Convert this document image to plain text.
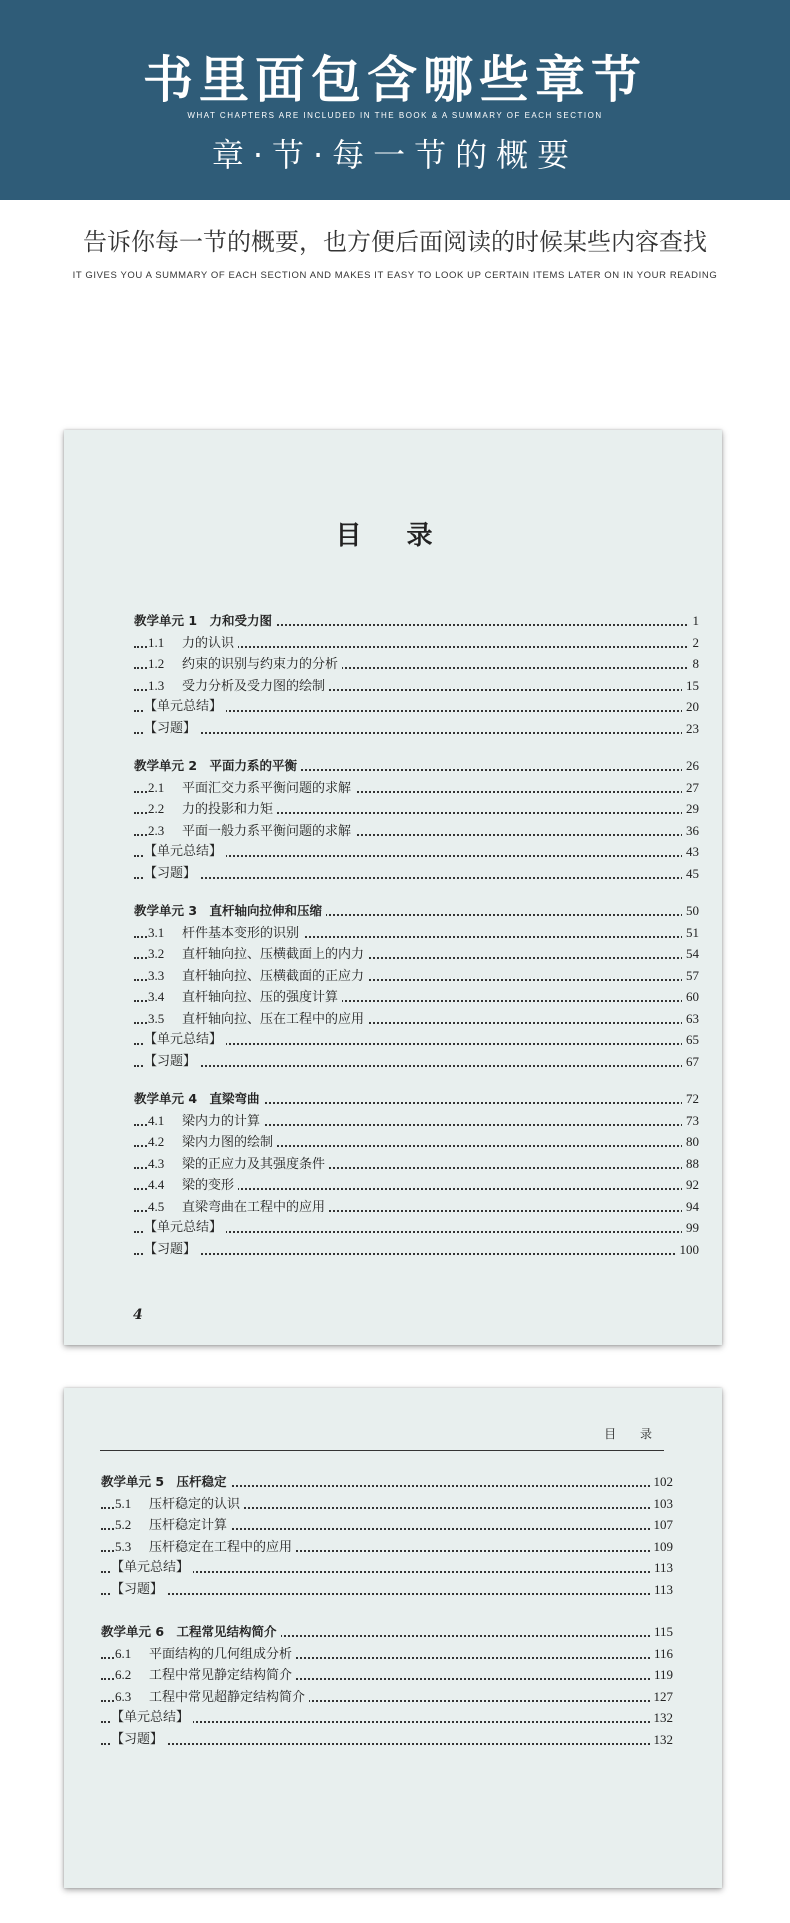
书里面包含哪些章节
WHAT CHAPTERS ARE INCLUDED IN THE BOOK & A SUMMARY OF EACH SECTION
章·节·每一节的概要
告诉你每一节的概要，也方便后面阅读的时候某些内容查找
IT GIVES YOU A SUMMARY OF EACH SECTION AND MAKES IT EASY TO LOOK UP CERTAIN ITEMS LATER ON IN YOUR READING
目 录
教学单元 1　力和受力图	1
1.1 力的认识	2
1.2 约束的识别与约束力的分析	8
1.3 受力分析及受力图的绘制	15
【单元总结】	20
【习题】	23
教学单元 2　平面力系的平衡	26
2.1 平面汇交力系平衡问题的求解	27
2.2 力的投影和力矩	29
2.3 平面一般力系平衡问题的求解	36
【单元总结】	43
【习题】	45
教学单元 3　直杆轴向拉伸和压缩	50
3.1 杆件基本变形的识别	51
3.2 直杆轴向拉、压横截面上的内力	54
3.3 直杆轴向拉、压横截面的正应力	57
3.4 直杆轴向拉、压的强度计算	60
3.5 直杆轴向拉、压在工程中的应用	63
【单元总结】	65
【习题】	67
教学单元 4　直梁弯曲	72
4.1 梁内力的计算	73
4.2 梁内力图的绘制	80
4.3 梁的正应力及其强度条件	88
4.4 梁的变形	92
4.5 直梁弯曲在工程中的应用	94
【单元总结】	99
【习题】	100
4
目 录
教学单元 5　压杆稳定	102
5.1 压杆稳定的认识	103
5.2 压杆稳定计算	107
5.3 压杆稳定在工程中的应用	109
【单元总结】	113
【习题】	113
教学单元 6　工程常见结构简介	115
6.1 平面结构的几何组成分析	116
6.2 工程中常见静定结构简介	119
6.3 工程中常见超静定结构简介	127
【单元总结】	132
【习题】	132
